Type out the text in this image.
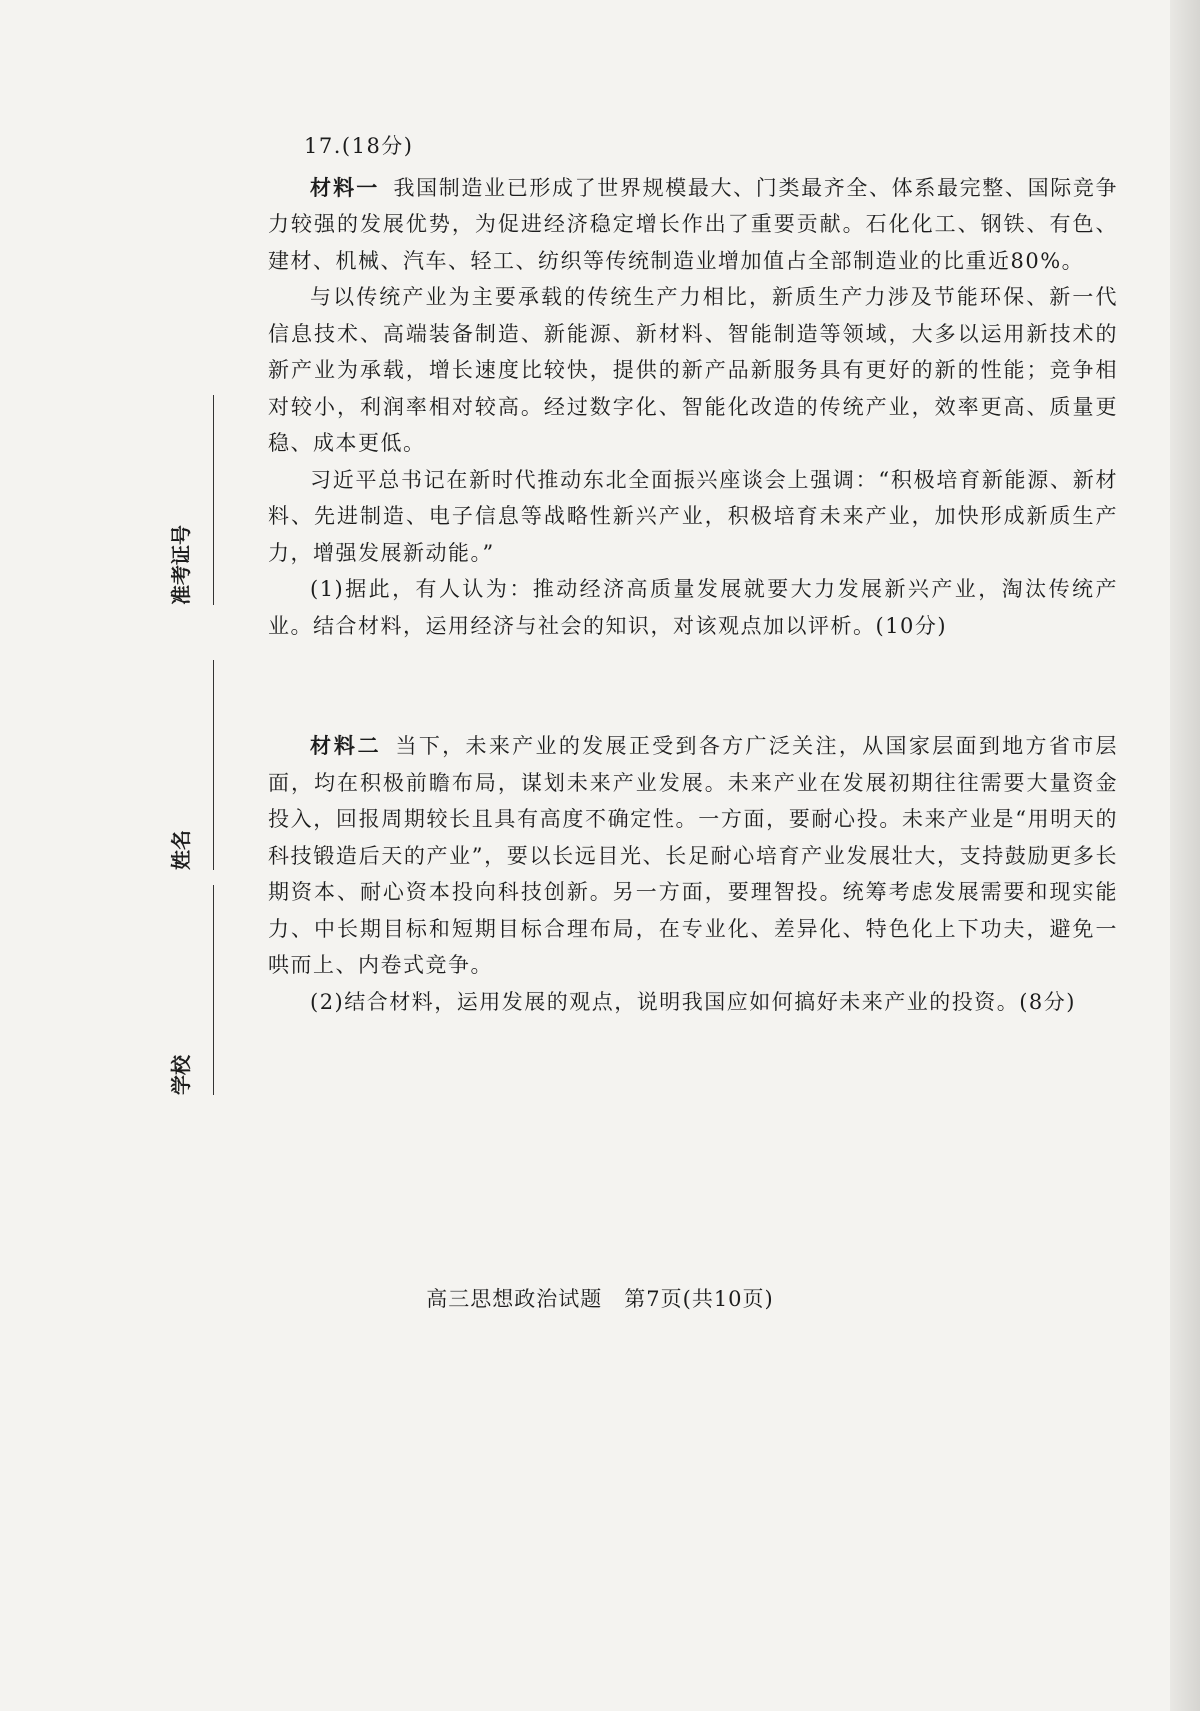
准考证号
姓名
学校
17.(18分)

材料一 我国制造业已形成了世界规模最大、门类最齐全、体系最完整、国际竞争力较强的发展优势，为促进经济稳定增长作出了重要贡献。石化化工、钢铁、有色、建材、机械、汽车、轻工、纺织等传统制造业增加值占全部制造业的比重近80%。

与以传统产业为主要承载的传统生产力相比，新质生产力涉及节能环保、新一代信息技术、高端装备制造、新能源、新材料、智能制造等领域，大多以运用新技术的新产业为承载，增长速度比较快，提供的新产品新服务具有更好的新的性能；竞争相对较小，利润率相对较高。经过数字化、智能化改造的传统产业，效率更高、质量更稳、成本更低。

习近平总书记在新时代推动东北全面振兴座谈会上强调：“积极培育新能源、新材料、先进制造、电子信息等战略性新兴产业，积极培育未来产业，加快形成新质生产力，增强发展新动能。”

(1)据此，有人认为：推动经济高质量发展就要大力发展新兴产业，淘汰传统产业。结合材料，运用经济与社会的知识，对该观点加以评析。(10分)

材料二 当下，未来产业的发展正受到各方广泛关注，从国家层面到地方省市层面，均在积极前瞻布局，谋划未来产业发展。未来产业在发展初期往往需要大量资金投入，回报周期较长且具有高度不确定性。一方面，要耐心投。未来产业是“用明天的科技锻造后天的产业”，要以长远目光、长足耐心培育产业发展壮大，支持鼓励更多长期资本、耐心资本投向科技创新。另一方面，要理智投。统筹考虑发展需要和现实能力、中长期目标和短期目标合理布局，在专业化、差异化、特色化上下功夫，避免一哄而上、内卷式竞争。

(2)结合材料，运用发展的观点，说明我国应如何搞好未来产业的投资。(8分)

高三思想政治试题　第7页(共10页)
